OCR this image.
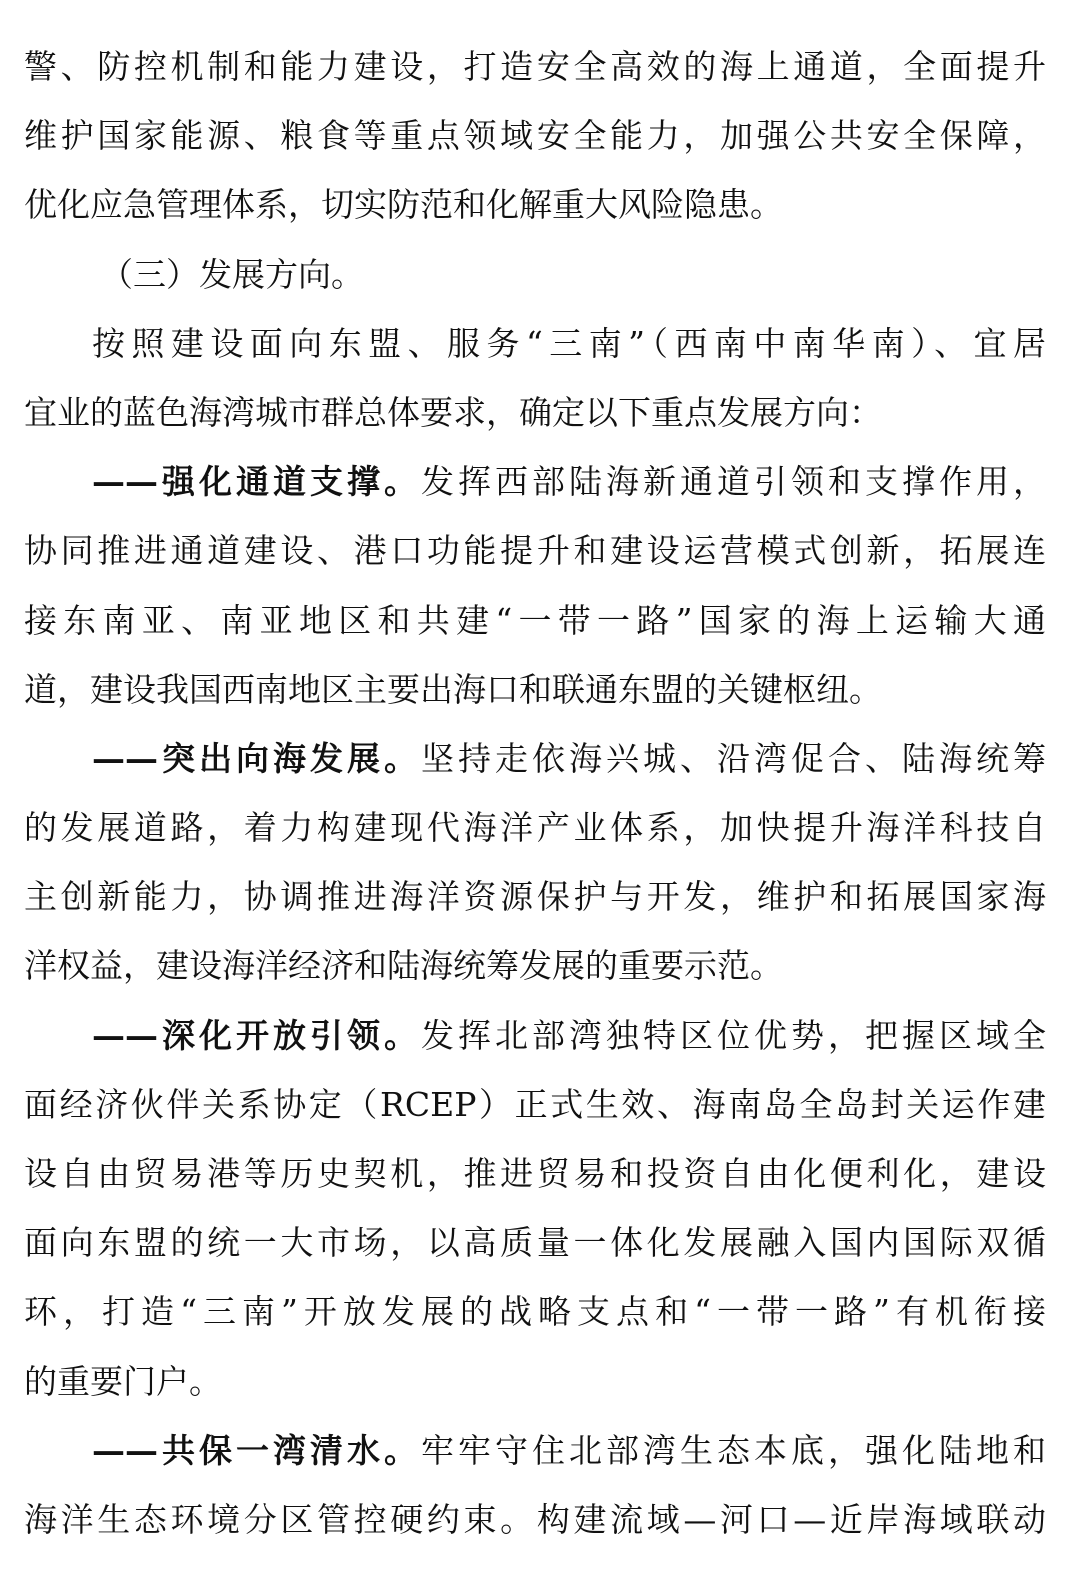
警、防控机制和能力建设，打造安全高效的海上通道，全面提升
维护国家能源、粮食等重点领域安全能力，加强公共安全保障，
优化应急管理体系，切实防范和化解重大风险隐患。
（三）发展方向。
按照建设面向东盟、服务“三南”（西南中南华南）、宜居
宜业的蓝色海湾城市群总体要求，确定以下重点发展方向：
——强化通道支撑。发挥西部陆海新通道引领和支撑作用，
协同推进通道建设、港口功能提升和建设运营模式创新，拓展连
接东南亚、南亚地区和共建“一带一路”国家的海上运输大通
道，建设我国西南地区主要出海口和联通东盟的关键枢纽。
——突出向海发展。坚持走依海兴城、沿湾促合、陆海统筹
的发展道路，着力构建现代海洋产业体系，加快提升海洋科技自
主创新能力，协调推进海洋资源保护与开发，维护和拓展国家海
洋权益，建设海洋经济和陆海统筹发展的重要示范。
——深化开放引领。发挥北部湾独特区位优势，把握区域全
面经济伙伴关系协定（RCEP）正式生效、海南岛全岛封关运作建
设自由贸易港等历史契机，推进贸易和投资自由化便利化，建设
面向东盟的统一大市场，以高质量一体化发展融入国内国际双循
环，打造“三南”开放发展的战略支点和“一带一路”有机衔接
的重要门户。
——共保一湾清水。牢牢守住北部湾生态本底，强化陆地和
海洋生态环境分区管控硬约束。构建流域—河口—近岸海域联动
